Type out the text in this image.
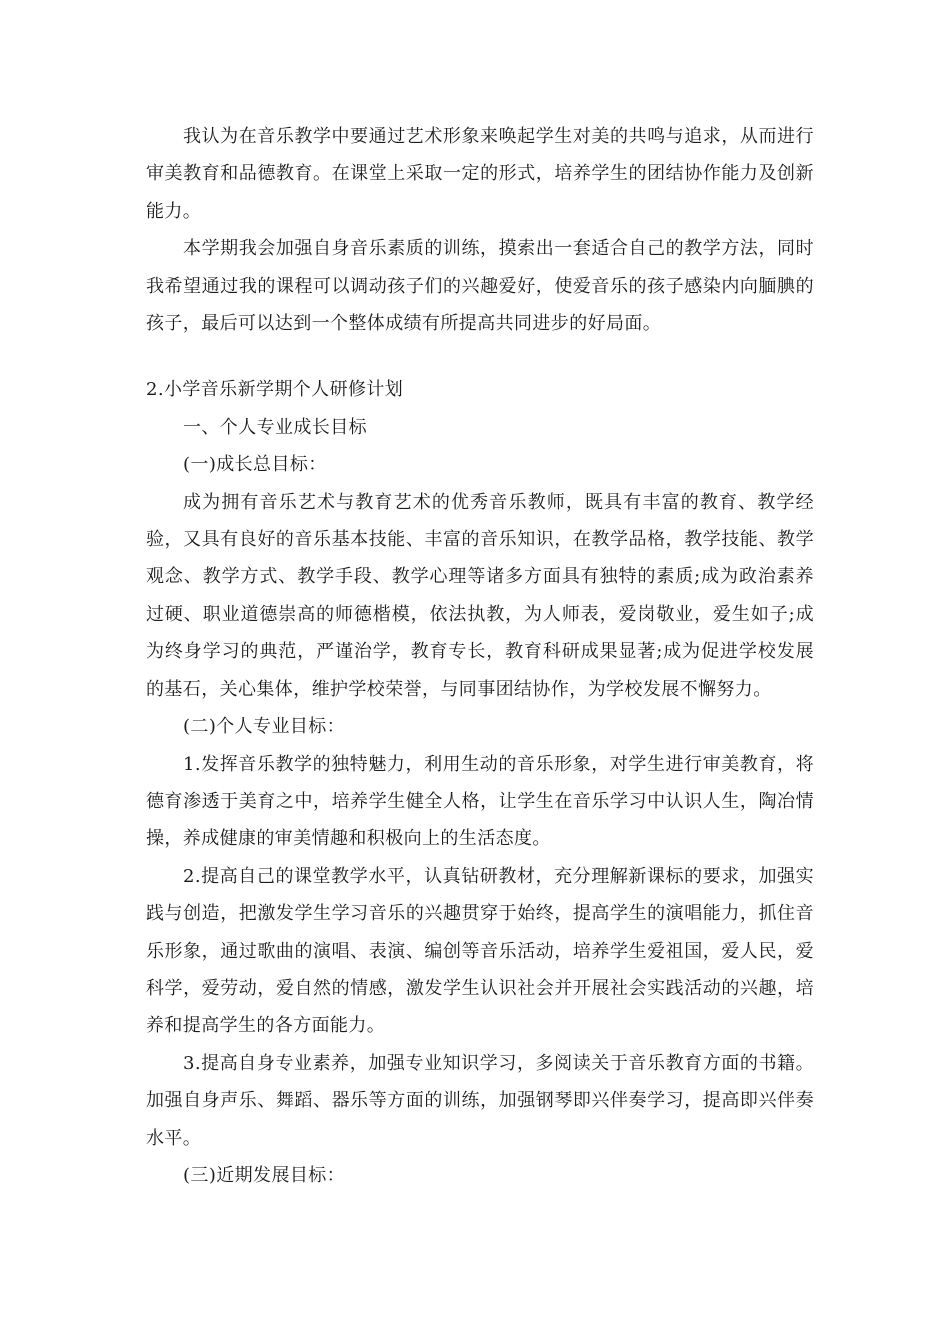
我认为在音乐教学中要通过艺术形象来唤起学生对美的共鸣与追求，从而进行审美教育和品德教育。在课堂上采取一定的形式，培养学生的团结协作能力及创新能力。

本学期我会加强自身音乐素质的训练，摸索出一套适合自己的教学方法，同时我希望通过我的课程可以调动孩子们的兴趣爱好，使爱音乐的孩子感染内向腼腆的孩子，最后可以达到一个整体成绩有所提高共同进步的好局面。

2.小学音乐新学期个人研修计划

一、个人专业成长目标

(一)成长总目标：

成为拥有音乐艺术与教育艺术的优秀音乐教师，既具有丰富的教育、教学经验，又具有良好的音乐基本技能、丰富的音乐知识，在教学品格，教学技能、教学观念、教学方式、教学手段、教学心理等诸多方面具有独特的素质;成为政治素养过硬、职业道德崇高的师德楷模，依法执教，为人师表，爱岗敬业，爱生如子;成为终身学习的典范，严谨治学，教育专长，教育科研成果显著;成为促进学校发展的基石，关心集体，维护学校荣誉，与同事团结协作，为学校发展不懈努力。

(二)个人专业目标：

1.发挥音乐教学的独特魅力，利用生动的音乐形象，对学生进行审美教育，将德育渗透于美育之中，培养学生健全人格，让学生在音乐学习中认识人生，陶冶情操，养成健康的审美情趣和积极向上的生活态度。

2.提高自己的课堂教学水平，认真钻研教材，充分理解新课标的要求，加强实践与创造，把激发学生学习音乐的兴趣贯穿于始终，提高学生的演唱能力，抓住音乐形象，通过歌曲的演唱、表演、编创等音乐活动，培养学生爱祖国，爱人民，爱科学，爱劳动，爱自然的情感，激发学生认识社会并开展社会实践活动的兴趣，培养和提高学生的各方面能力。

3.提高自身专业素养，加强专业知识学习，多阅读关于音乐教育方面的书籍。加强自身声乐、舞蹈、器乐等方面的训练，加强钢琴即兴伴奏学习，提高即兴伴奏水平。

(三)近期发展目标：
